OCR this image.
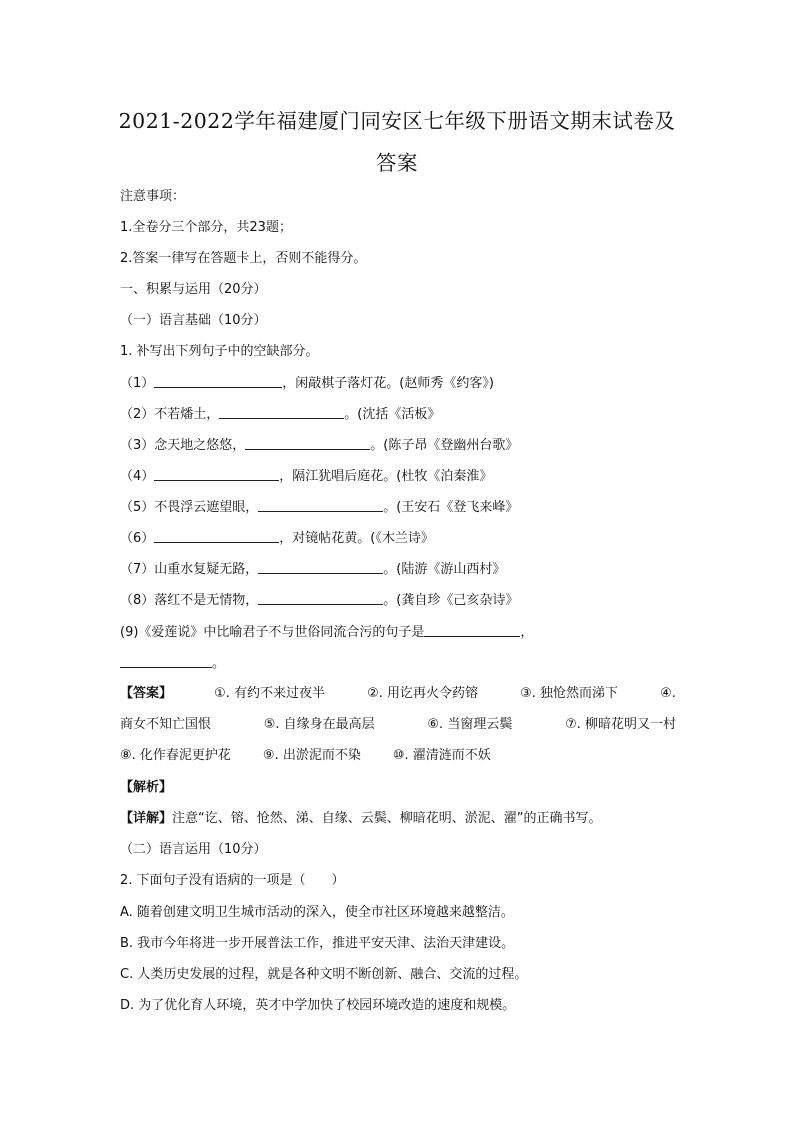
2021-2022学年福建厦门同安区七年级下册语文期末试卷及
答案
注意事项：
1.全卷分三个部分，共23题；
2.答案一律写在答题卡上，否则不能得分。
一、积累与运用（20分）
（一）语言基础（10分）
1. 补写出下列句子中的空缺部分。
（1）	，闲敲棋子落灯花。(赵师秀《约客》)
（2）不若燔土，	。(沈括《活板》
（3）念天地之悠悠，	。(陈子昂《登幽州台歌》
（4）	，隔江犹唱后庭花。(杜牧《泊秦淮》
（5）不畏浮云遮望眼，	。(王安石《登飞来峰》
（6）	，对镜帖花黄。(《木兰诗》
（7）山重水复疑无路，	。(陆游《游山西村》
（8）落红不是无情物，	。(龚自珍《己亥杂诗》
(9)《爱莲说》中比喻君子不与世俗同流合污的句子是	，
。
【答案】	①. 有约不来过夜半	②. 用讫再火令药镕	③. 独怆然而涕下	④.
商女不知亡国恨	⑤. 自缘身在最高层	⑥. 当窗理云鬓	⑦. 柳暗花明又一村
⑧. 化作春泥更护花 ⑨. 出淤泥而不染 ⑩. 濯清涟而不妖
【解析】
【详解】注意“讫、镕、怆然、涕、自缘、云鬓、柳暗花明、淤泥、濯”的正确书写。
（二）语言运用（10分）
2. 下面句子没有语病的一项是（　　）
A. 随着创建文明卫生城市活动的深入，使全市社区环境越来越整洁。
B. 我市今年将进一步开展普法工作，推进平安天津、法治天津建设。
C. 人类历史发展的过程，就是各种文明不断创新、融合、交流的过程。
D. 为了优化育人环境，英才中学加快了校园环境改造的速度和规模。
